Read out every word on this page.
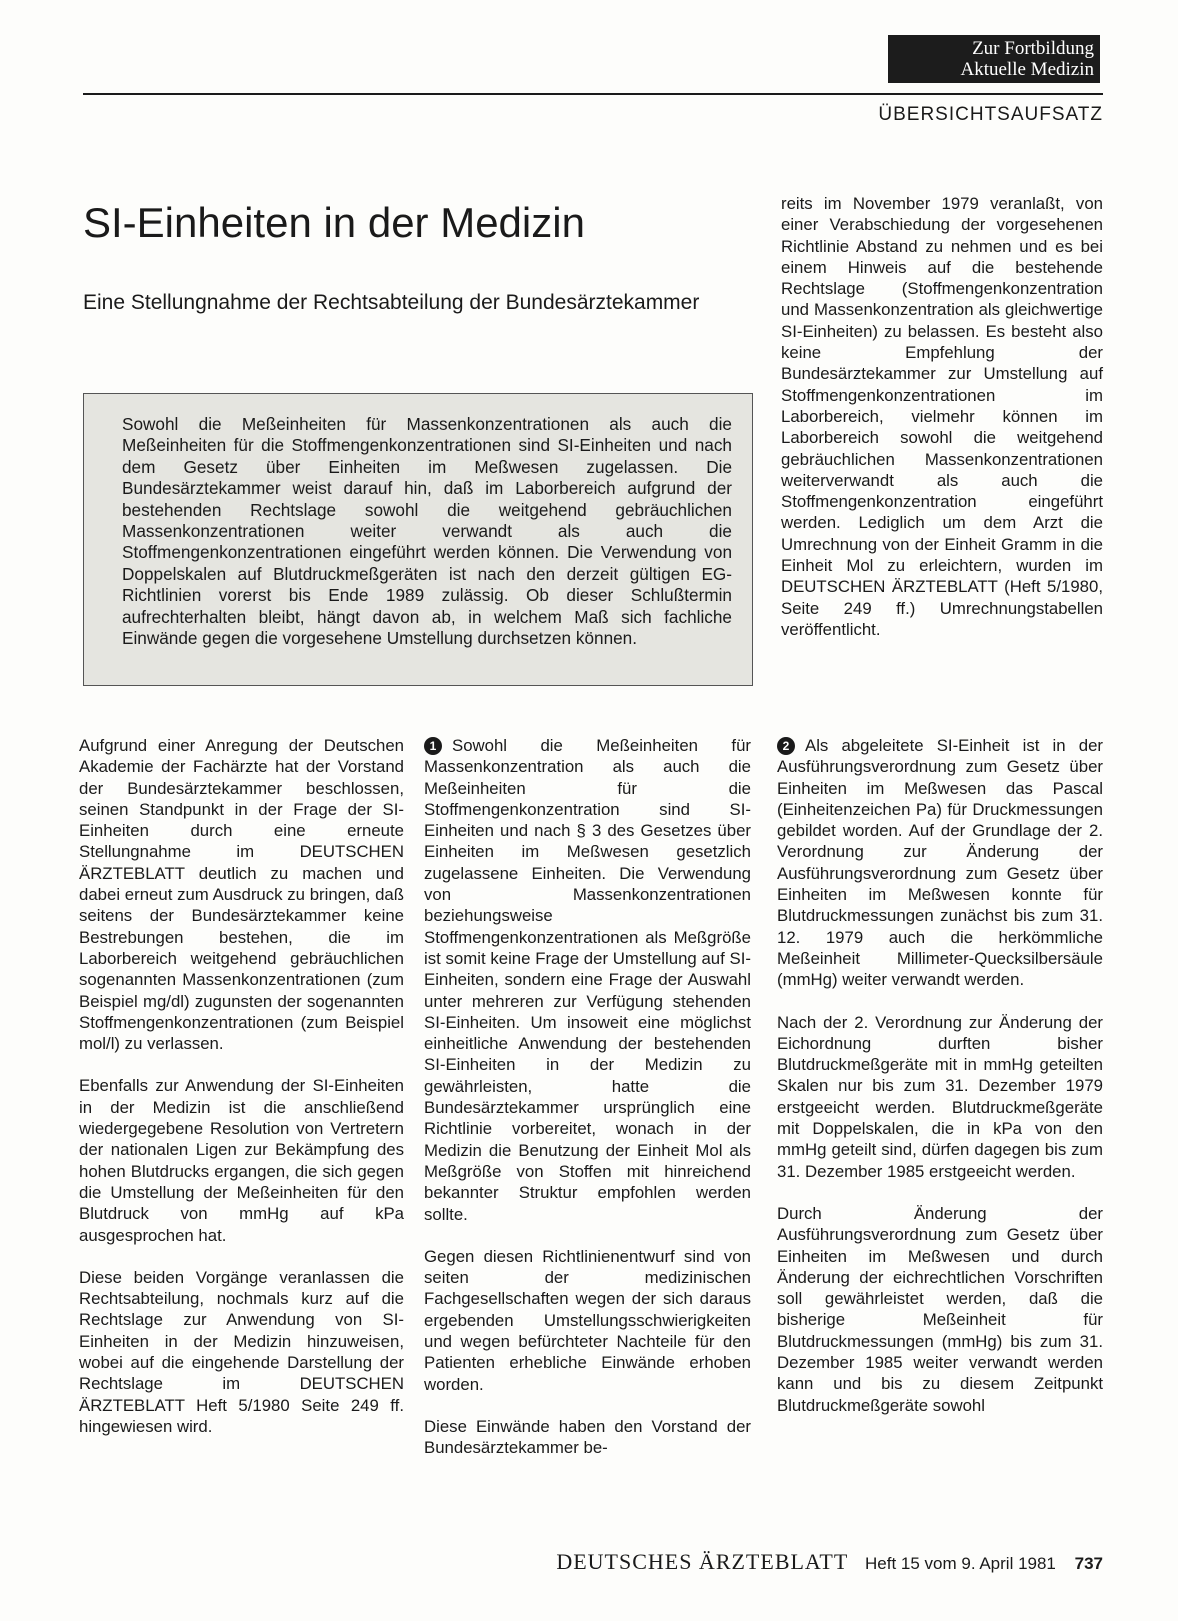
Zur Fortbildung
Aktuelle Medizin
ÜBERSICHTSAUFSATZ
SI-Einheiten in der Medizin
Eine Stellungnahme der Rechtsabteilung der Bundesärztekammer
Sowohl die Meßeinheiten für Massenkonzentrationen als auch die Meßeinheiten für die Stoffmengenkonzentrationen sind SI-Einheiten und nach dem Gesetz über Einheiten im Meßwesen zugelassen. Die Bundesärztekammer weist darauf hin, daß im Laborbereich aufgrund der bestehenden Rechtslage sowohl die weitgehend gebräuchlichen Massenkonzentrationen weiter verwandt als auch die Stoffmengenkonzentrationen eingeführt werden können. Die Verwendung von Doppelskalen auf Blutdruckmeßgeräten ist nach den derzeit gültigen EG-Richtlinien vorerst bis Ende 1989 zulässig. Ob dieser Schlußtermin aufrechterhalten bleibt, hängt davon ab, in welchem Maß sich fachliche Einwände gegen die vorgesehene Umstellung durchsetzen können.

reits im November 1979 veranlaßt, von einer Verabschiedung der vorgesehenen Richtlinie Abstand zu nehmen und es bei einem Hinweis auf die bestehende Rechtslage (Stoffmengenkonzentration und Massenkonzentration als gleichwertige SI-Einheiten) zu belassen. Es besteht also keine Empfehlung der Bundesärztekammer zur Umstellung auf Stoffmengenkonzentrationen im Laborbereich, vielmehr können im Laborbereich sowohl die weitgehend gebräuchlichen Massenkonzentrationen weiterverwandt als auch die Stoffmengenkonzentration eingeführt werden. Lediglich um dem Arzt die Umrechnung von der Einheit Gramm in die Einheit Mol zu erleichtern, wurden im DEUTSCHEN ÄRZTEBLATT (Heft 5/1980, Seite 249 ff.) Umrechnungstabellen veröffentlicht.

Aufgrund einer Anregung der Deutschen Akademie der Fachärzte hat der Vorstand der Bundesärztekammer beschlossen, seinen Standpunkt in der Frage der SI-Einheiten durch eine erneute Stellungnahme im DEUTSCHEN ÄRZTEBLATT deutlich zu machen und dabei erneut zum Ausdruck zu bringen, daß seitens der Bundesärztekammer keine Bestrebungen bestehen, die im Laborbereich weitgehend gebräuchlichen sogenannten Massenkonzentrationen (zum Beispiel mg/dl) zugunsten der sogenannten Stoffmengenkonzentrationen (zum Beispiel mol/l) zu verlassen.

Ebenfalls zur Anwendung der SI-Einheiten in der Medizin ist die anschließend wiedergegebene Resolution von Vertretern der nationalen Ligen zur Bekämpfung des hohen Blutdrucks ergangen, die sich gegen die Umstellung der Meßeinheiten für den Blutdruck von mmHg auf kPa ausgesprochen hat.

Diese beiden Vorgänge veranlassen die Rechtsabteilung, nochmals kurz auf die Rechtslage zur Anwendung von SI-Einheiten in der Medizin hinzuweisen, wobei auf die eingehende Darstellung der Rechtslage im DEUTSCHEN ÄRZTEBLATT Heft 5/1980 Seite 249 ff. hingewiesen wird.

1 Sowohl die Meßeinheiten für Massenkonzentration als auch die Meßeinheiten für die Stoffmengenkonzentration sind SI-Einheiten und nach § 3 des Gesetzes über Einheiten im Meßwesen gesetzlich zugelassene Einheiten. Die Verwendung von Massenkonzentrationen beziehungsweise Stoffmengenkonzentrationen als Meßgröße ist somit keine Frage der Umstellung auf SI-Einheiten, sondern eine Frage der Auswahl unter mehreren zur Verfügung stehenden SI-Einheiten. Um insoweit eine möglichst einheitliche Anwendung der bestehenden SI-Einheiten in der Medizin zu gewährleisten, hatte die Bundesärztekammer ursprünglich eine Richtlinie vorbereitet, wonach in der Medizin die Benutzung der Einheit Mol als Meßgröße von Stoffen mit hinreichend bekannter Struktur empfohlen werden sollte.

Gegen diesen Richtlinienentwurf sind von seiten der medizinischen Fachgesellschaften wegen der sich daraus ergebenden Umstellungsschwierigkeiten und wegen befürchteter Nachteile für den Patienten erhebliche Einwände erhoben worden.

Diese Einwände haben den Vorstand der Bundesärztekammer be-

2 Als abgeleitete SI-Einheit ist in der Ausführungsverordnung zum Gesetz über Einheiten im Meßwesen das Pascal (Einheitenzeichen Pa) für Druckmessungen gebildet worden. Auf der Grundlage der 2. Verordnung zur Änderung der Ausführungsverordnung zum Gesetz über Einheiten im Meßwesen konnte für Blutdruckmessungen zunächst bis zum 31. 12. 1979 auch die herkömmliche Meßeinheit Millimeter-Quecksilbersäule (mmHg) weiter verwandt werden.

Nach der 2. Verordnung zur Änderung der Eichordnung durften bisher Blutdruckmeßgeräte mit in mmHg geteilten Skalen nur bis zum 31. Dezember 1979 erstgeeicht werden. Blutdruckmeßgeräte mit Doppelskalen, die in kPa von den mmHg geteilt sind, dürfen dagegen bis zum 31. Dezember 1985 erstgeeicht werden.

Durch Änderung der Ausführungsverordnung zum Gesetz über Einheiten im Meßwesen und durch Änderung der eichrechtlichen Vorschriften soll gewährleistet werden, daß die bisherige Meßeinheit für Blutdruckmessungen (mmHg) bis zum 31. Dezember 1985 weiter verwandt werden kann und bis zu diesem Zeitpunkt Blutdruckmeßgeräte sowohl

DEUTSCHES ÄRZTEBLATT Heft 15 vom 9. April 1981 737
